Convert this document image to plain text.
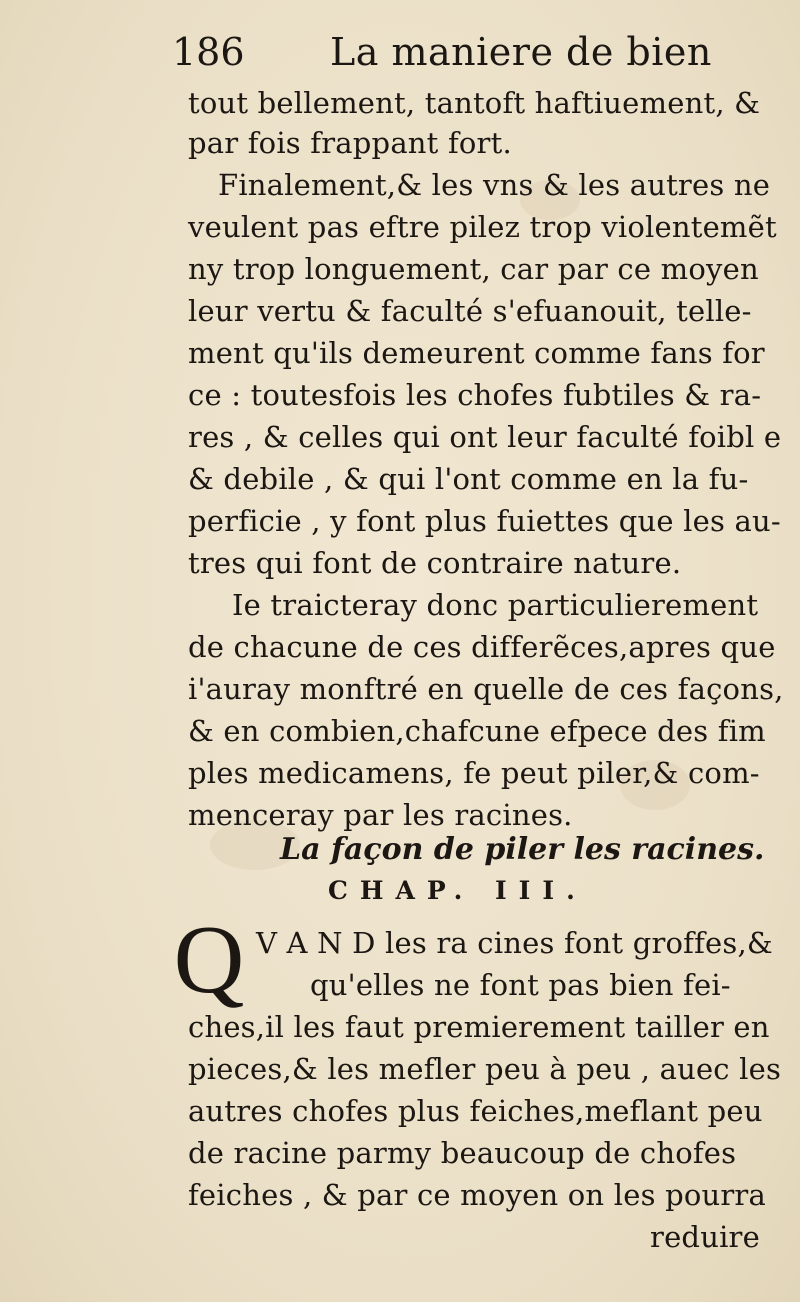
186 La maniere de bien
tout bellement, tantoft haftiuement, &
par fois frappant fort.
Finalement,& les vns & les autres ne
veulent pas eftre pilez trop violentemẽt
ny trop longuement, car par ce moyen
leur vertu & faculté s'efuanouit, telle-
ment qu'ils demeurent comme fans for
ce : toutesfois les chofes fubtiles & ra-
res , & celles qui ont leur faculté foibl e
& debile , & qui l'ont comme en la fu-
perficie , y font plus fuiettes que les au-
tres qui font de contraire nature.
Ie traicteray donc particulierement
de chacune de ces differẽces,apres que
i'auray monftré en quelle de ces façons,
& en combien,chafcune efpece des fim
ples medicamens, fe peut piler,& com-
menceray par les racines.
La façon de piler les racines.
CHAP. III.
Q V A N D les ra cines font groffes,&
qu'elles ne font pas bien fei-
ches,il les faut premierement tailler en
pieces,& les mefler peu à peu , auec les
autres chofes plus feiches,meflant peu
de racine parmy beaucoup de chofes
feiches , & par ce moyen on les pourra
reduire
